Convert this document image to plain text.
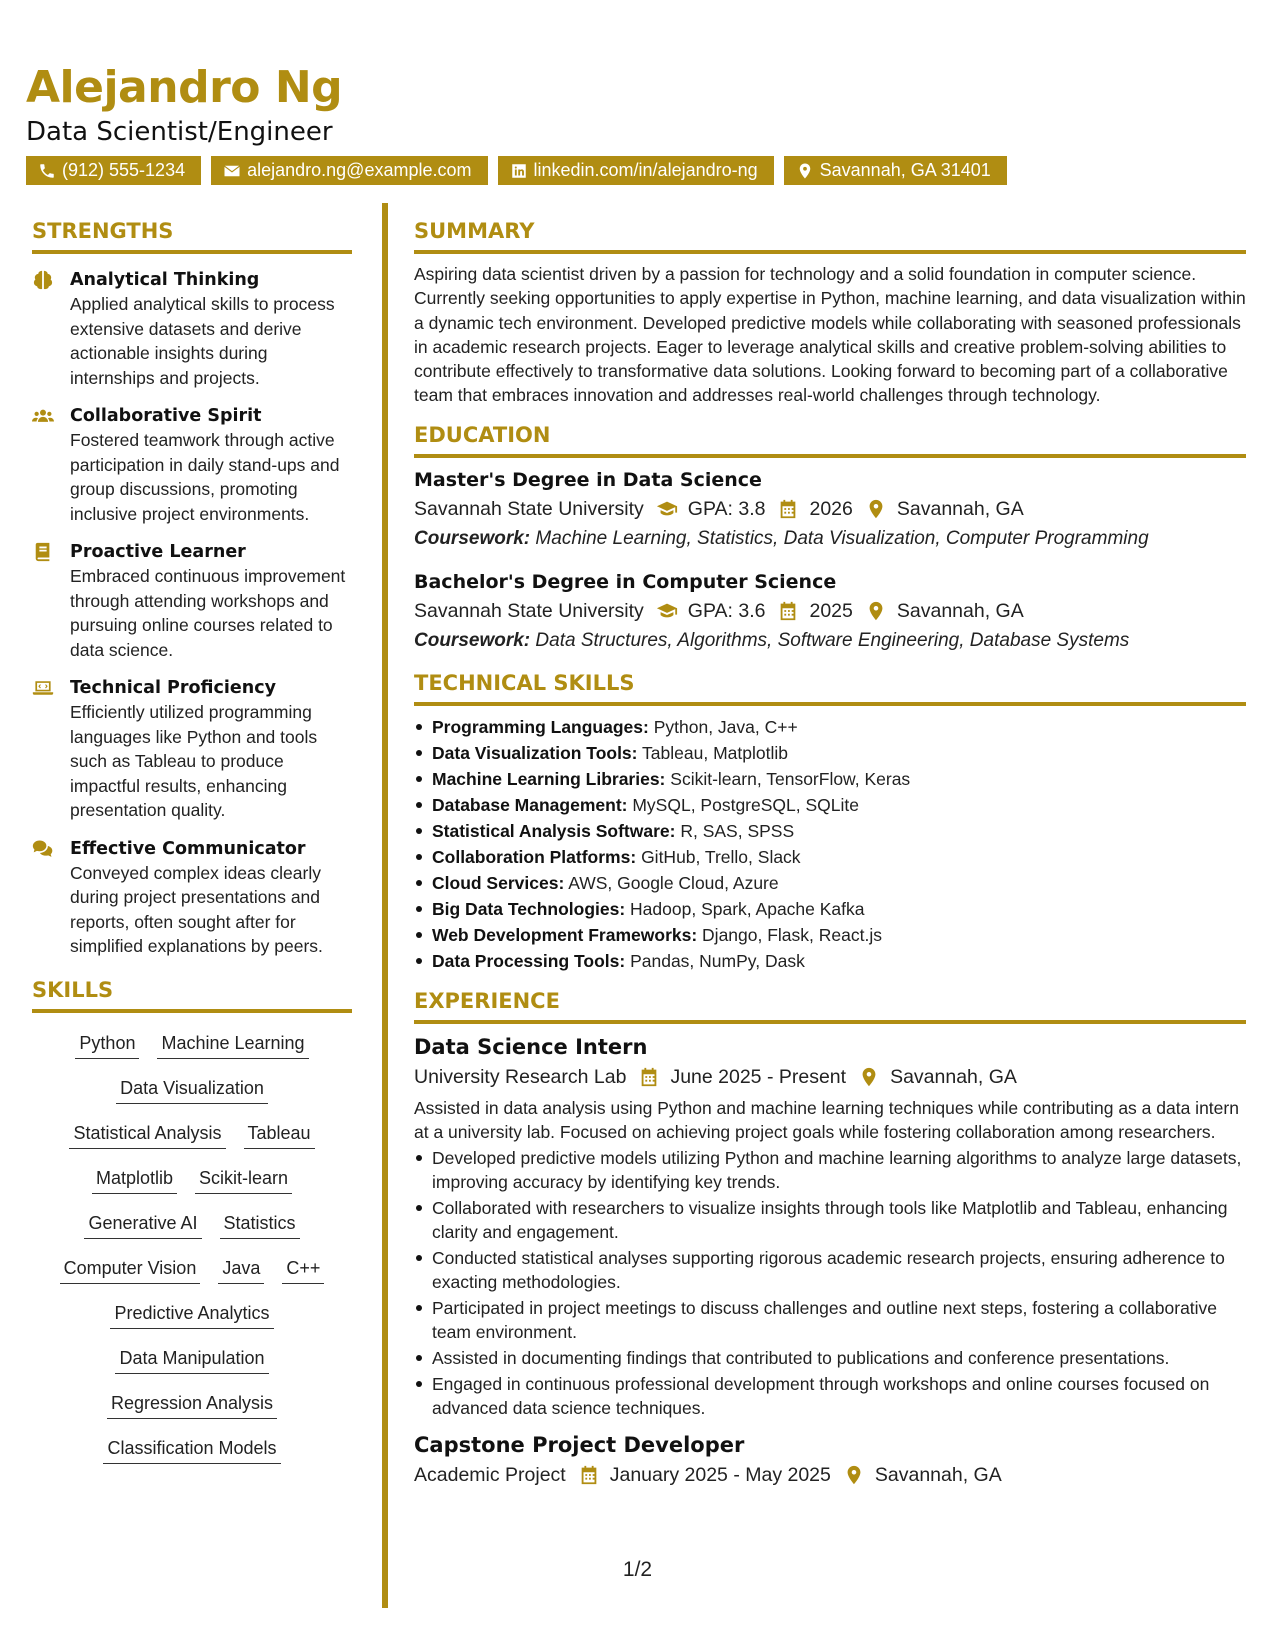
Alejandro Ng
Data Scientist/Engineer
(912) 555-1234	alejandro.ng@example.com	linkedin.com/in/alejandro-ng	Savannah, GA 31401
STRENGTHS
Analytical Thinking
Applied analytical skills to process extensive datasets and derive actionable insights during internships and projects.
Collaborative Spirit
Fostered teamwork through active participation in daily stand-ups and group discussions, promoting inclusive project environments.
Proactive Learner
Embraced continuous improvement through attending workshops and pursuing online courses related to data science.
Technical Proficiency
Efficiently utilized programming languages like Python and tools such as Tableau to produce impactful results, enhancing presentation quality.
Effective Communicator
Conveyed complex ideas clearly during project presentations and reports, often sought after for simplified explanations by peers.
SKILLS
Python Machine Learning
Data Visualization
Statistical Analysis Tableau
Matplotlib Scikit-learn
Generative AI Statistics
Computer Vision Java C++
Predictive Analytics
Data Manipulation
Regression Analysis
Classification Models
SUMMARY
Aspiring data scientist driven by a passion for technology and a solid foundation in computer science. Currently seeking opportunities to apply expertise in Python, machine learning, and data visualization within a dynamic tech environment. Developed predictive models while collaborating with seasoned professionals in academic research projects. Eager to leverage analytical skills and creative problem-solving abilities to contribute effectively to transformative data solutions. Looking forward to becoming part of a collaborative team that embraces innovation and addresses real-world challenges through technology.
EDUCATION
Master's Degree in Data Science
Savannah State University GPA: 3.8 2026 Savannah, GA
Coursework: Machine Learning, Statistics, Data Visualization, Computer Programming
Bachelor's Degree in Computer Science
Savannah State University GPA: 3.6 2025 Savannah, GA
Coursework: Data Structures, Algorithms, Software Engineering, Database Systems
TECHNICAL SKILLS
Programming Languages: Python, Java, C++
Data Visualization Tools: Tableau, Matplotlib
Machine Learning Libraries: Scikit-learn, TensorFlow, Keras
Database Management: MySQL, PostgreSQL, SQLite
Statistical Analysis Software: R, SAS, SPSS
Collaboration Platforms: GitHub, Trello, Slack
Cloud Services: AWS, Google Cloud, Azure
Big Data Technologies: Hadoop, Spark, Apache Kafka
Web Development Frameworks: Django, Flask, React.js
Data Processing Tools: Pandas, NumPy, Dask
EXPERIENCE
Data Science Intern
University Research Lab June 2025 - Present Savannah, GA
Assisted in data analysis using Python and machine learning techniques while contributing as a data intern at a university lab. Focused on achieving project goals while fostering collaboration among researchers.
Developed predictive models utilizing Python and machine learning algorithms to analyze large datasets, improving accuracy by identifying key trends.
Collaborated with researchers to visualize insights through tools like Matplotlib and Tableau, enhancing clarity and engagement.
Conducted statistical analyses supporting rigorous academic research projects, ensuring adherence to exacting methodologies.
Participated in project meetings to discuss challenges and outline next steps, fostering a collaborative team environment.
Assisted in documenting findings that contributed to publications and conference presentations.
Engaged in continuous professional development through workshops and online courses focused on advanced data science techniques.
Capstone Project Developer
Academic Project January 2025 - May 2025 Savannah, GA
1/2
